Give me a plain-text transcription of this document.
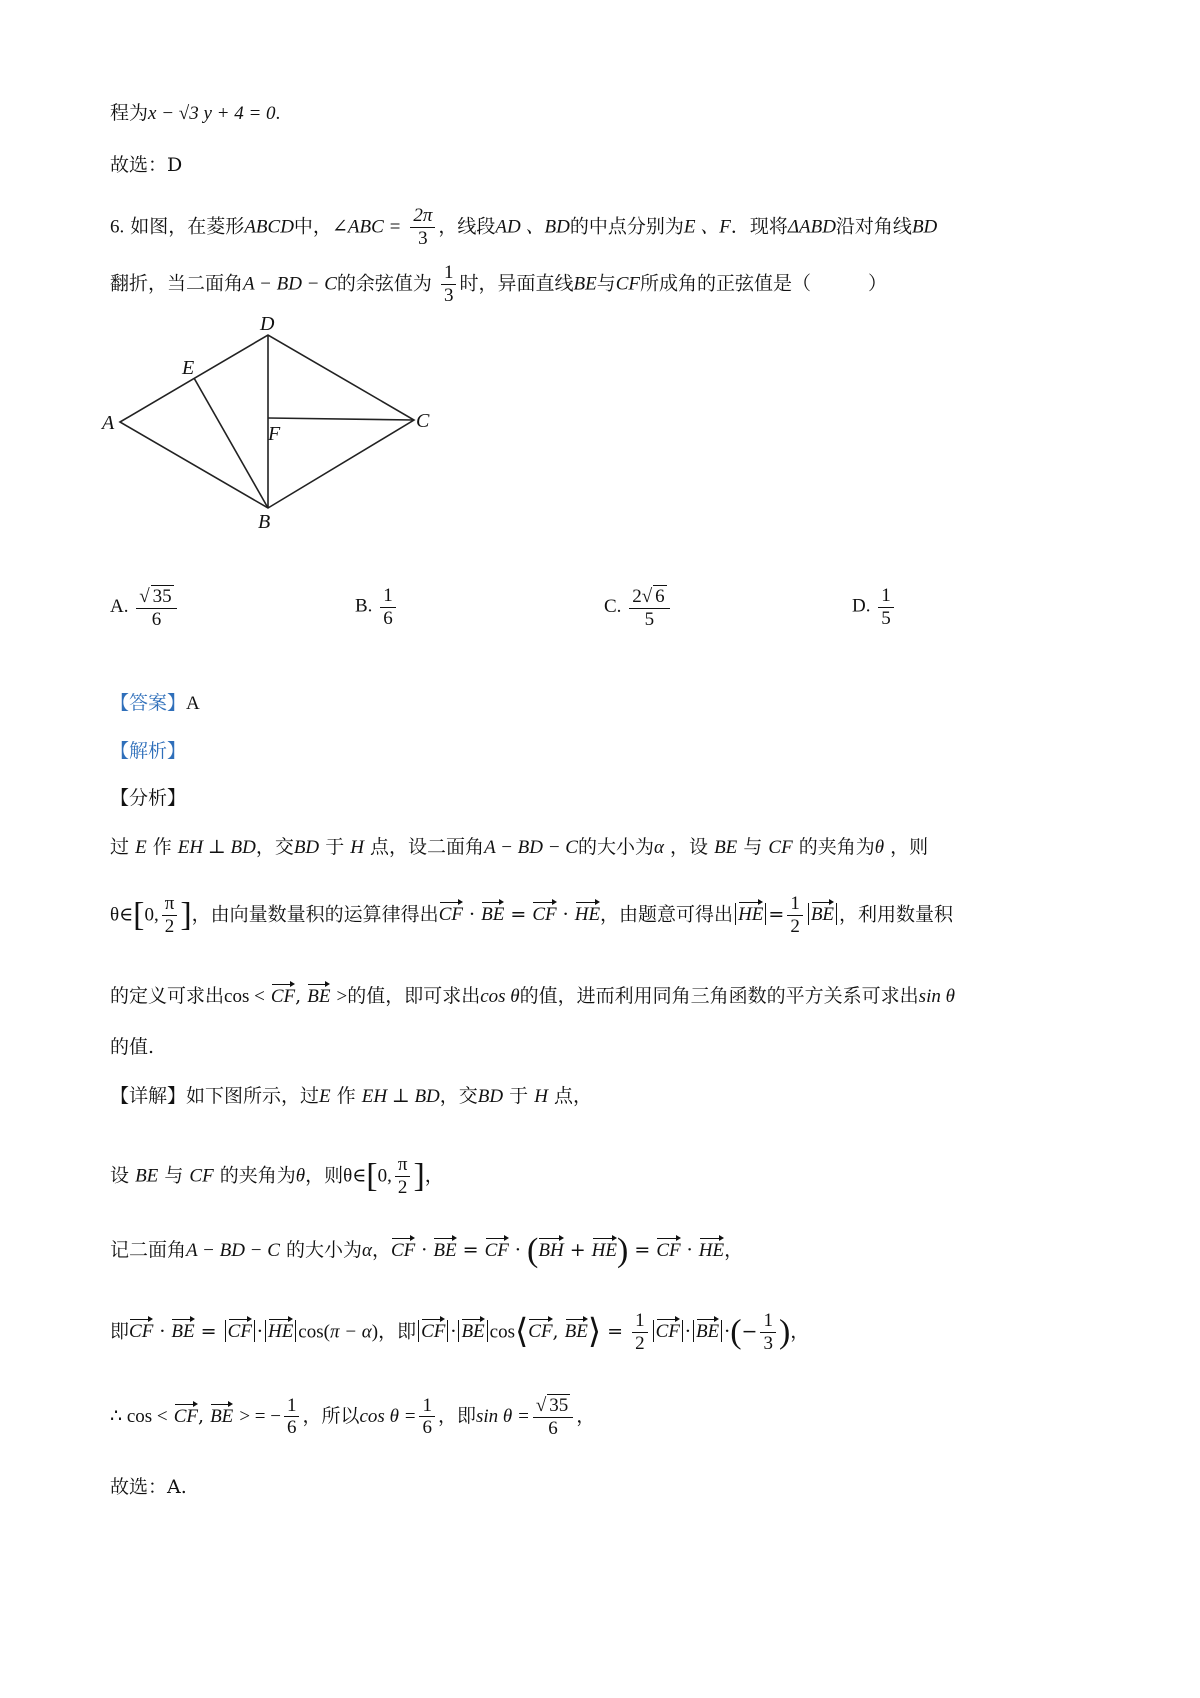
程为x − √3 y + 4 = 0.
故选：D
6. 如图，在菱形ABCD中，∠ABC = $\frac{2\pi}{3}$ ，线段AD 、BD的中点分别为E 、F．现将ΔABD沿对角线BD
翻折，当二面角A − BD − C的余弦值为 $\frac{1}{3}$ 时，异面直线BE与CF所成角的正弦值是（　　　）
D
E
A	F
C
B
A. $\frac{√ 35}{6}$	B. $\frac{1}{6}$	C. $\frac{2√ 6}{5}$	D. $\frac{1}{5}$
【答案】A
【解析】
【分析】
过 E 作 EH ⊥ BD，交BD 于 H 点，设二面角A − BD − C的大小为α ，设 BE 与 CF 的夹角为θ ，则
θ∈[0, $\frac{\pi}{2}$ ]，由向量数量积的运算律得出CF · BE = CF · HE，由题意可得出 HE = $\frac{1}{2}$ BE ，利用数量积
的定义可求出cos < CF, BE >的值，即可求出cos θ的值，进而利用同角三角函数的平方关系可求出sin θ
的值.
【详解】如下图所示，过E 作 EH ⊥ BD，交BD 于 H 点，
设 BE 与 CF 的夹角为θ，则θ∈[0, $\frac{\pi}{2}$ ]，
记二面角A − BD − C 的大小为α，CF · BE = CF · (BH + HE) = CF · HE，
即CF · BE = CF · HE cos(π − α)，即 CF · BE cos⟨CF, BE⟩ = $\frac{1}{2}$ CF · BE ·(− $\frac{1}{3}$ )，
∴ cos < CF, BE > = − $\frac{1}{6}$ ，所以$\cos \theta = \frac{1}{6}$ ，即$\sin \theta = \frac{√ 35}{6}$ ，
故选：A.
